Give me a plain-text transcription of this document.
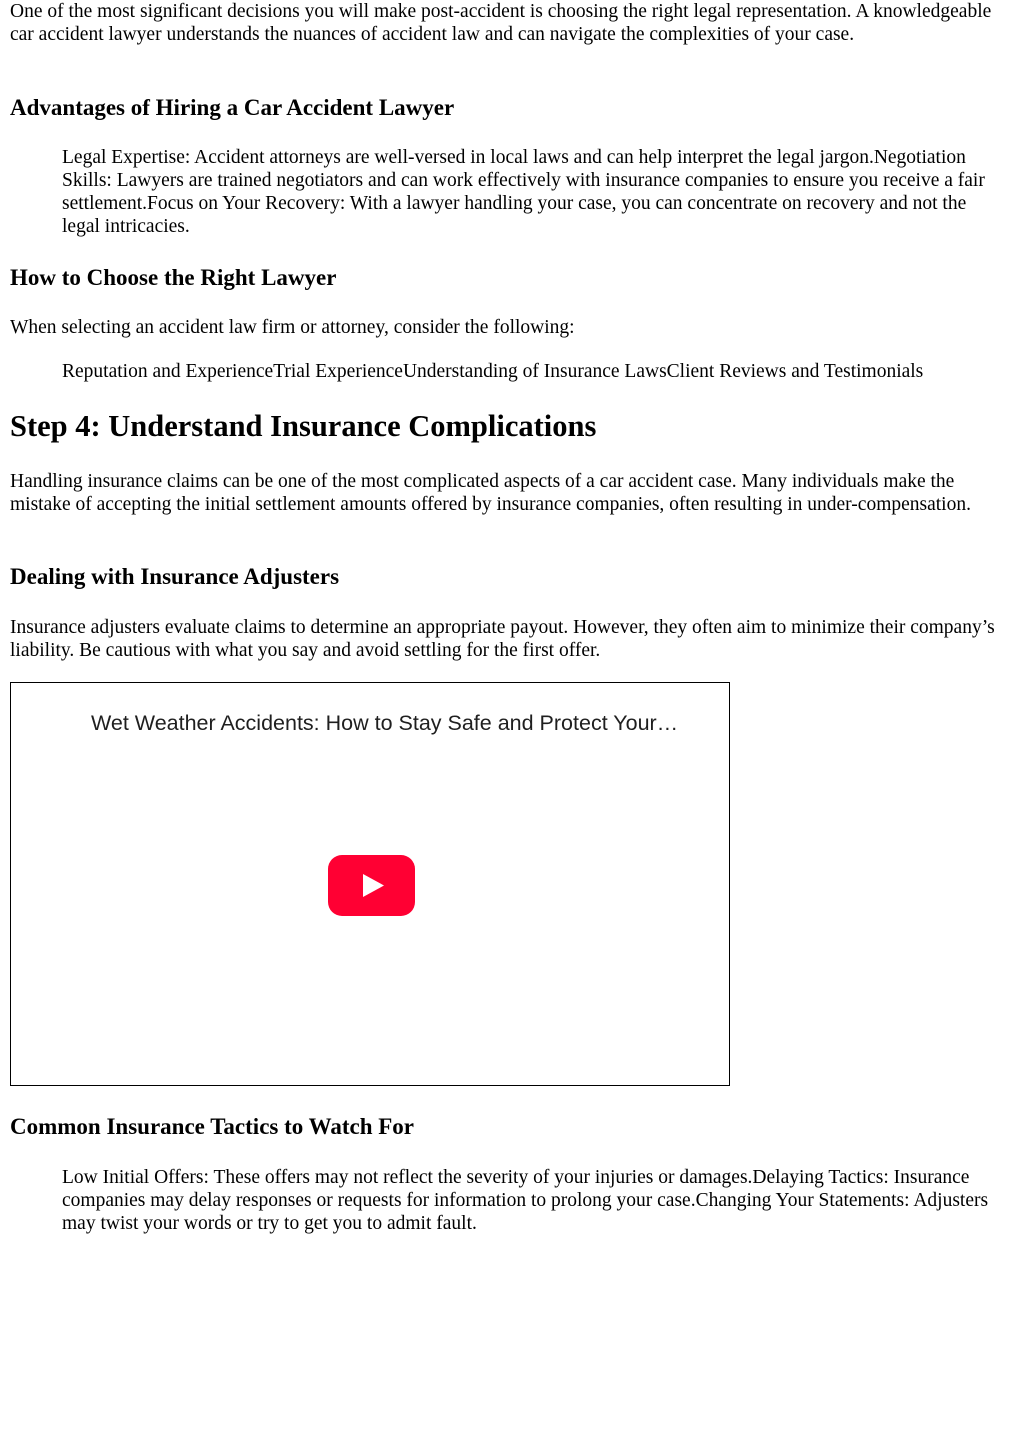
One of the most significant decisions you will make post-accident is choosing the right legal representation. A knowledgeable car accident lawyer understands the nuances of accident law and can navigate the complexities of your case.

Advantages of Hiring a Car Accident Lawyer

Legal Expertise: Accident attorneys are well-versed in local laws and can help interpret the legal jargon.Negotiation Skills: Lawyers are trained negotiators and can work effectively with insurance companies to ensure you receive a fair settlement.Focus on Your Recovery: With a lawyer handling your case, you can concentrate on recovery and not the legal intricacies.

How to Choose the Right Lawyer

When selecting an accident law firm or attorney, consider the following:

Reputation and ExperienceTrial ExperienceUnderstanding of Insurance LawsClient Reviews and Testimonials

Step 4: Understand Insurance Complications

Handling insurance claims can be one of the most complicated aspects of a car accident case. Many individuals make the mistake of accepting the initial settlement amounts offered by insurance companies, often resulting in under-compensation.

Dealing with Insurance Adjusters

Insurance adjusters evaluate claims to determine an appropriate payout. However, they often aim to minimize their company’s liability. Be cautious with what you say and avoid settling for the first offer.

Wet Weather Accidents: How to Stay Safe and Protect Your…
Common Insurance Tactics to Watch For

Low Initial Offers: These offers may not reflect the severity of your injuries or damages.Delaying Tactics: Insurance companies may delay responses or requests for information to prolong your case.Changing Your Statements: Adjusters may twist your words or try to get you to admit fault.
